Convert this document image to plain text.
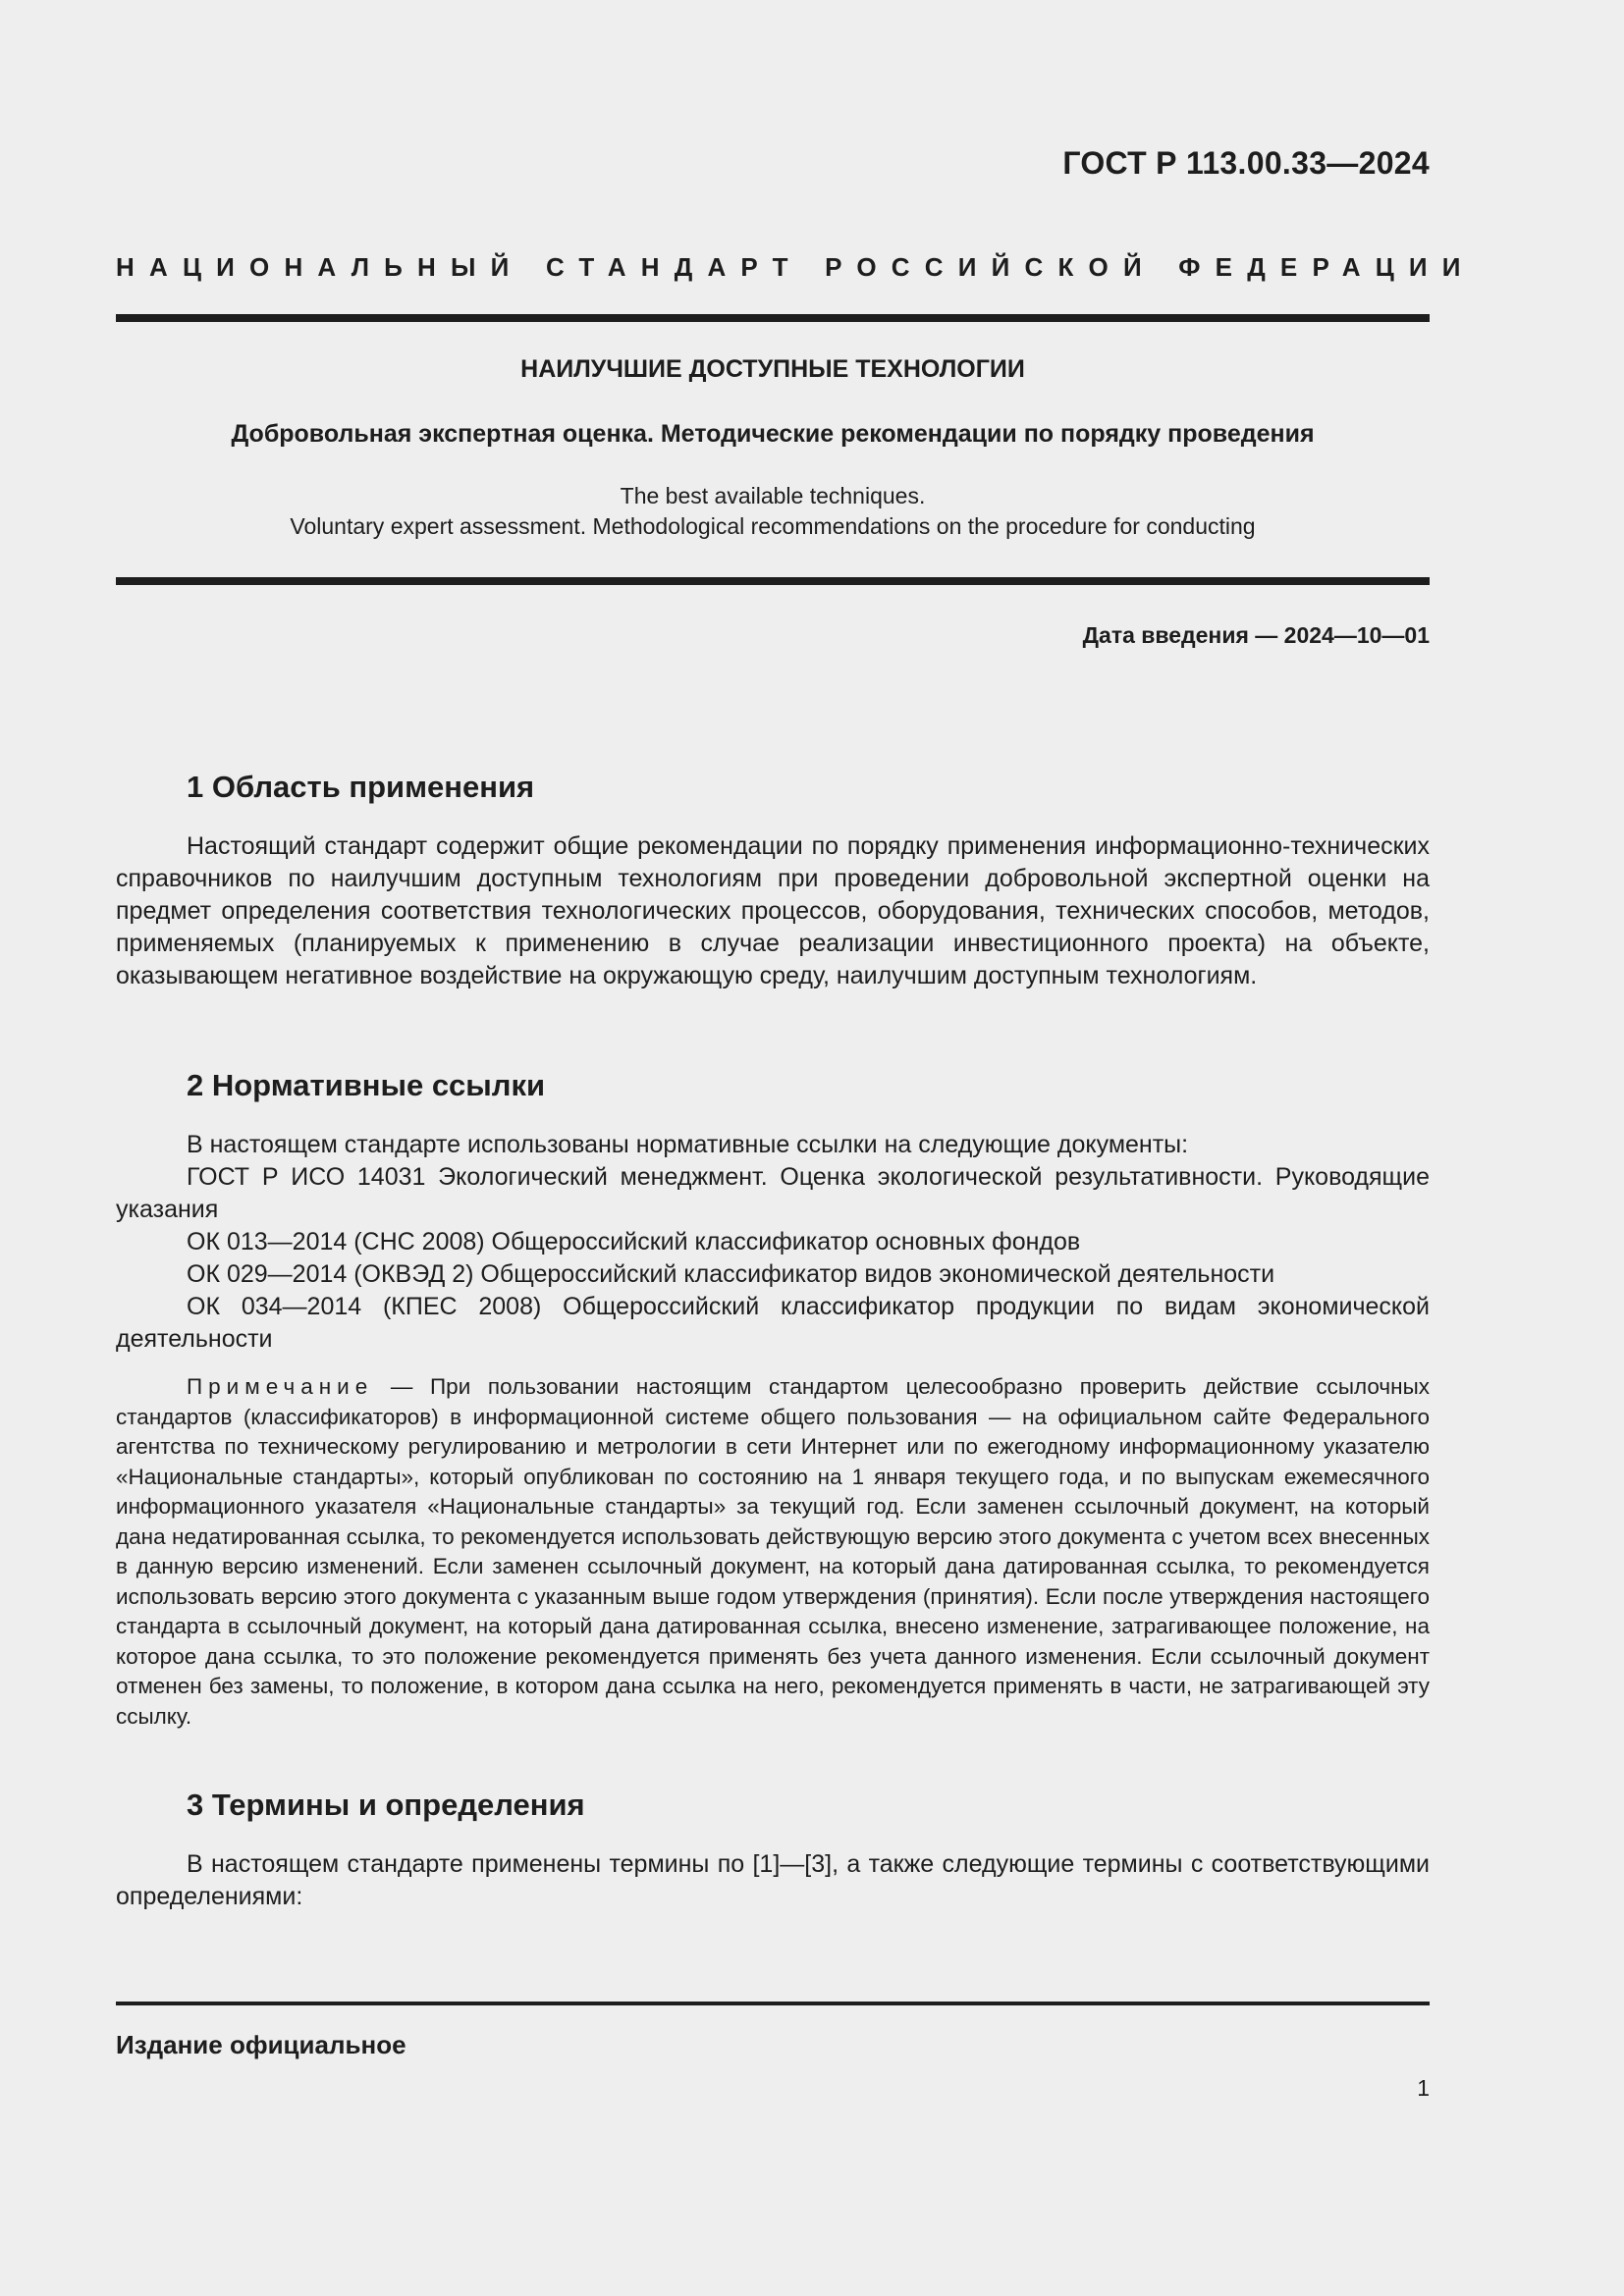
ГОСТ Р 113.00.33—2024
НАЦИОНАЛЬНЫЙ СТАНДАРТ РОССИЙСКОЙ ФЕДЕРАЦИИ
НАИЛУЧШИЕ ДОСТУПНЫЕ ТЕХНОЛОГИИ
Добровольная экспертная оценка. Методические рекомендации по порядку проведения
The best available techniques.
Voluntary expert assessment. Methodological recommendations on the procedure for conducting
Дата введения — 2024—10—01
1 Область применения
Настоящий стандарт содержит общие рекомендации по порядку применения информационно-технических справочников по наилучшим доступным технологиям при проведении добровольной экспертной оценки на предмет определения соответствия технологических процессов, оборудования, технических способов, методов, применяемых (планируемых к применению в случае реализации инвестиционного проекта) на объекте, оказывающем негативное воздействие на окружающую среду, наилучшим доступным технологиям.
2 Нормативные ссылки
В настоящем стандарте использованы нормативные ссылки на следующие документы:
ГОСТ Р ИСО 14031 Экологический менеджмент. Оценка экологической результативности. Руководящие указания
ОК 013—2014 (СНС 2008) Общероссийский классификатор основных фондов
ОК 029—2014 (ОКВЭД 2) Общероссийский классификатор видов экономической деятельности
ОК 034—2014 (КПЕС 2008) Общероссийский классификатор продукции по видам экономической деятельности
Примечание — При пользовании настоящим стандартом целесообразно проверить действие ссылочных стандартов (классификаторов) в информационной системе общего пользования — на официальном сайте Федерального агентства по техническому регулированию и метрологии в сети Интернет или по ежегодному информационному указателю «Национальные стандарты», который опубликован по состоянию на 1 января текущего года, и по выпускам ежемесячного информационного указателя «Национальные стандарты» за текущий год. Если заменен ссылочный документ, на который дана недатированная ссылка, то рекомендуется использовать действующую версию этого документа с учетом всех внесенных в данную версию изменений. Если заменен ссылочный документ, на который дана датированная ссылка, то рекомендуется использовать версию этого документа с указанным выше годом утверждения (принятия). Если после утверждения настоящего стандарта в ссылочный документ, на который дана датированная ссылка, внесено изменение, затрагивающее положение, на которое дана ссылка, то это положение рекомендуется применять без учета данного изменения. Если ссылочный документ отменен без замены, то положение, в котором дана ссылка на него, рекомендуется применять в части, не затрагивающей эту ссылку.
3 Термины и определения
В настоящем стандарте применены термины по [1]—[3], а также следующие термины с соответствующими определениями:
Издание официальное
1
